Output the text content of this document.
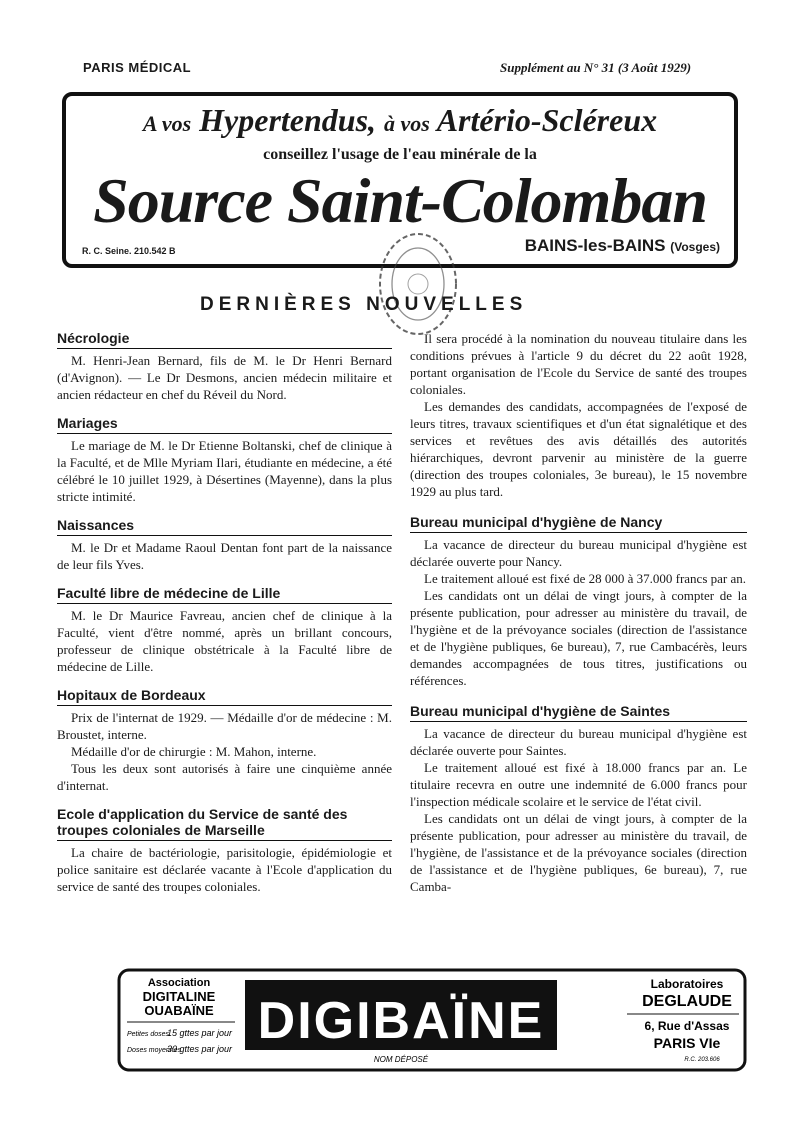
PARIS MÉDICAL	Supplément au N° 31 (3 Août 1929)
A vos Hypertendus, à vos Artério-Scléreux
conseillez l'usage de l'eau minérale de la
Source Saint-Colomban
R. C. Seine. 210.542 B	BAINS-les-BAINS (Vosges)
DERNIÈRES NOUVELLES
Nécrologie

M. Henri-Jean Bernard, fils de M. le Dr Henri Bernard (d'Avignon). — Le Dr Desmons, ancien médecin militaire et ancien rédacteur en chef du Réveil du Nord.

Mariages

Le mariage de M. le Dr Etienne Boltanski, chef de clinique à la Faculté, et de Mlle Myriam Ilari, étudiante en médecine, a été célébré le 10 juillet 1929, à Désertines (Mayenne), dans la plus stricte intimité.

Naissances

M. le Dr et Madame Raoul Dentan font part de la naissance de leur fils Yves.

Faculté libre de médecine de Lille

M. le Dr Maurice Favreau, ancien chef de clinique à la Faculté, vient d'être nommé, après un brillant concours, professeur de clinique obstétricale à la Faculté libre de médecine de Lille.

Hopitaux de Bordeaux

Prix de l'internat de 1929. — Médaille d'or de médecine : M. Broustet, interne.

Médaille d'or de chirurgie : M. Mahon, interne.

Tous les deux sont autorisés à faire une cinquième année d'internat.

Ecole d'application du Service de santé des troupes coloniales de Marseille

La chaire de bactériologie, parisitologie, épidémiologie et police sanitaire est déclarée vacante à l'Ecole d'application du service de santé des troupes coloniales.

Il sera procédé à la nomination du nouveau titulaire dans les conditions prévues à l'article 9 du décret du 22 août 1928, portant organisation de l'Ecole du Service de santé des troupes coloniales.

Les demandes des candidats, accompagnées de l'exposé de leurs titres, travaux scientifiques et d'un état signalétique et des services et revêtues des avis détaillés des autorités hiérarchiques, devront parvenir au ministère de la guerre (direction des troupes coloniales, 3e bureau), le 15 novembre 1929 au plus tard.

Bureau municipal d'hygiène de Nancy

La vacance de directeur du bureau municipal d'hygiène est déclarée ouverte pour Nancy.

Le traitement alloué est fixé de 28 000 à 37.000 francs par an.

Les candidats ont un délai de vingt jours, à compter de la présente publication, pour adresser au ministère du travail, de l'hygiène et de la prévoyance sociales (direction de l'assistance et de l'hygiène publiques, 6e bureau), 7, rue Cambacérès, leurs demandes accompagnées de tous titres, justifications ou références.

Bureau municipal d'hygiène de Saintes

La vacance de directeur du bureau municipal d'hygiène est déclarée ouverte pour Saintes.

Le traitement alloué est fixé à 18.000 francs par an. Le titulaire recevra en outre une indemnité de 6.000 francs pour l'inspection médicale scolaire et le service de l'état civil.

Les candidats ont un délai de vingt jours, à compter de la présente publication, pour adresser au ministère du travail, de l'hygiène, de l'assistance et de la prévoyance sociales (direction de l'assistance et de l'hygiène publiques, 6e bureau), 7, rue Camba-

Association
DIGITALINE
OUABAÏNE
Petites doses
15 gttes par jour
Doses moyennes
30 gttes par jour DIGIBAÏNE
NOM DÉPOSÉ
Laboratoires
DEGLAUDE
6, Rue d'Assas
PARIS VIe
R.C. 203.606
